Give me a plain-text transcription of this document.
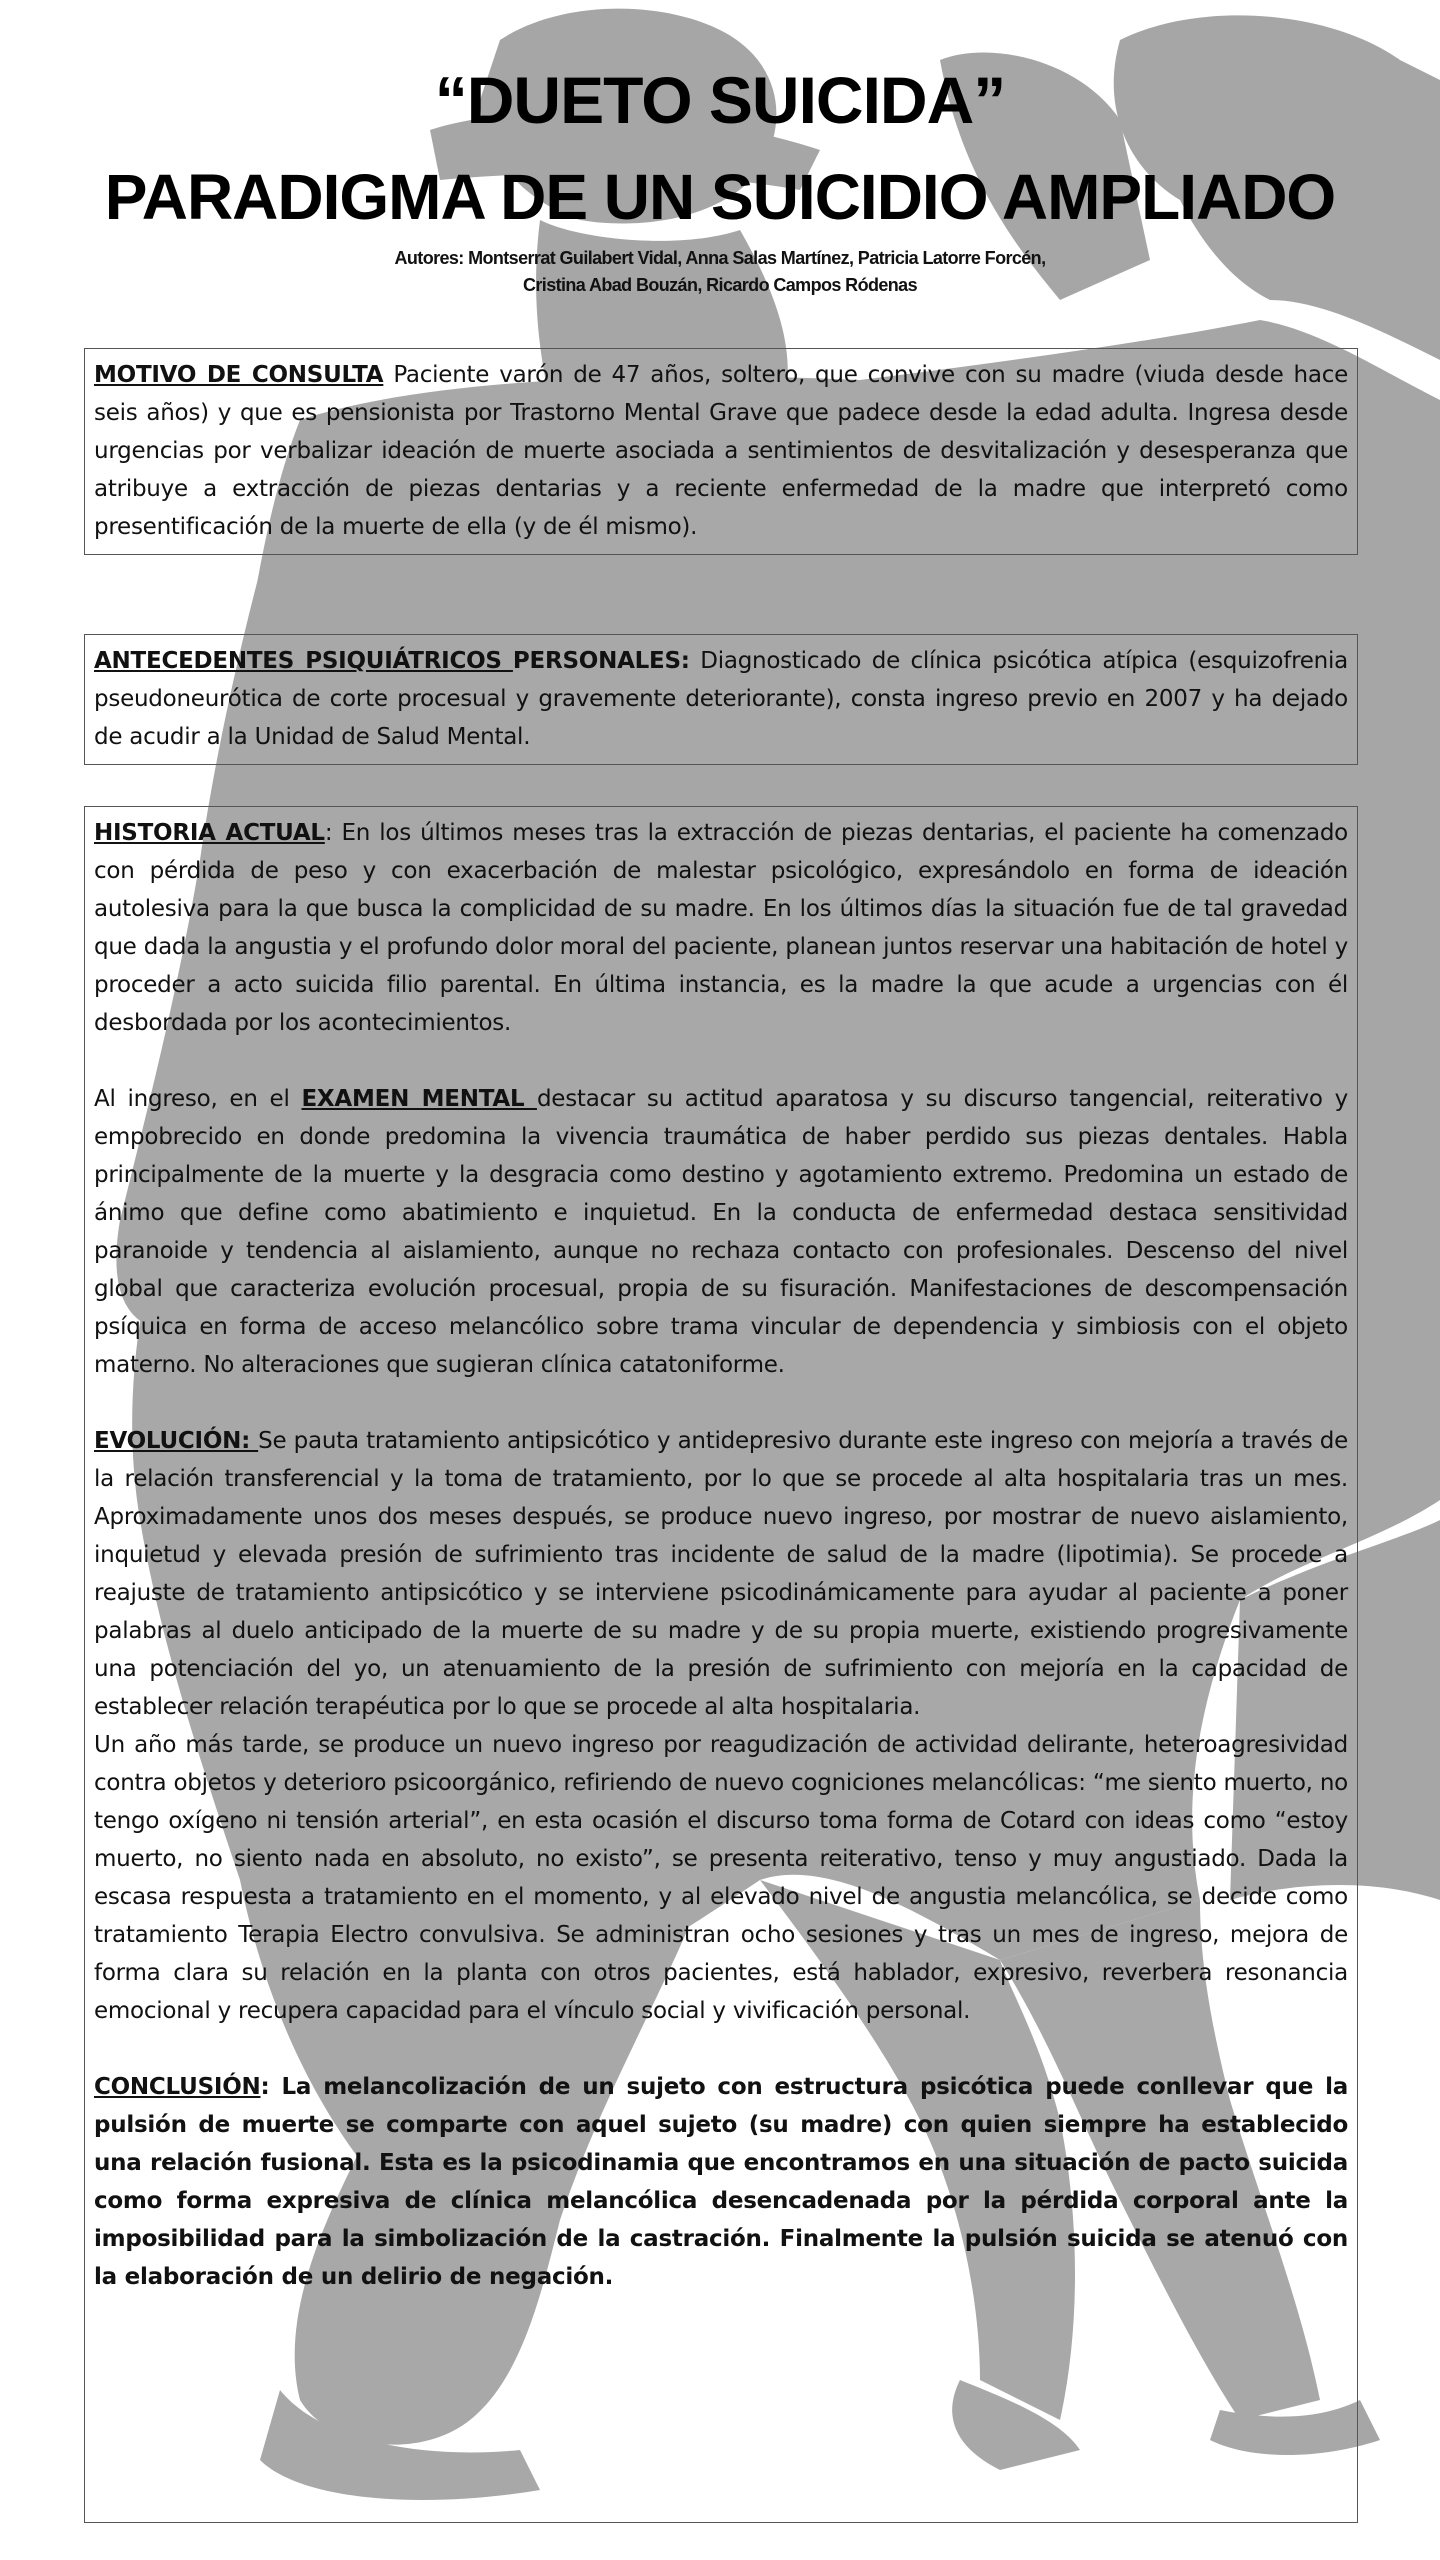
“DUETO SUICIDA”
PARADIGMA DE UN SUICIDIO AMPLIADO
Autores: Montserrat Guilabert Vidal, Anna Salas Martínez, Patricia Latorre Forcén,
Cristina Abad Bouzán, Ricardo Campos Ródenas

MOTIVO DE CONSULTA Paciente varón de 47 años, soltero, que convive con su madre (viuda desde hace seis años) y que es pensionista por Trastorno Mental Grave que padece desde la edad adulta. Ingresa desde urgencias por verbalizar ideación de muerte asociada a sentimientos de desvitalización y desesperanza que atribuye a extracción de piezas dentarias y a reciente enfermedad de la madre que interpretó como presentificación de la muerte de ella (y de él mismo).

ANTECEDENTES PSIQUIÁTRICOS PERSONALES: Diagnosticado de clínica psicótica atípica (esquizofrenia pseudoneurótica de corte procesual y gravemente deteriorante), consta ingreso previo en 2007 y ha dejado de acudir a la Unidad de Salud Mental.

HISTORIA ACTUAL: En los últimos meses tras la extracción de piezas dentarias, el paciente ha comenzado con pérdida de peso y con exacerbación de malestar psicológico, expresándolo en forma de ideación autolesiva para la que busca la complicidad de su madre. En los últimos días la situación fue de tal gravedad que dada la angustia y el profundo dolor moral del paciente, planean juntos reservar una habitación de hotel y proceder a acto suicida filio parental. En última instancia, es la madre la que acude a urgencias con él desbordada por los acontecimientos.

Al ingreso, en el EXAMEN MENTAL destacar su actitud aparatosa y su discurso tangencial, reiterativo y empobrecido en donde predomina la vivencia traumática de haber perdido sus piezas dentales. Habla principalmente de la muerte y la desgracia como destino y agotamiento extremo. Predomina un estado de ánimo que define como abatimiento e inquietud. En la conducta de enfermedad destaca sensitividad paranoide y tendencia al aislamiento, aunque no rechaza contacto con profesionales. Descenso del nivel global que caracteriza evolución procesual, propia de su fisuración. Manifestaciones de descompensación psíquica en forma de acceso melancólico sobre trama vincular de dependencia y simbiosis con el objeto materno. No alteraciones que sugieran clínica catatoniforme.

EVOLUCIÓN: Se pauta tratamiento antipsicótico y antidepresivo durante este ingreso con mejoría a través de la relación transferencial y la toma de tratamiento, por lo que se procede al alta hospitalaria tras un mes. Aproximadamente unos dos meses después, se produce nuevo ingreso, por mostrar de nuevo aislamiento, inquietud y elevada presión de sufrimiento tras incidente de salud de la madre (lipotimia). Se procede a reajuste de tratamiento antipsicótico y se interviene psicodinámicamente para ayudar al paciente a poner palabras al duelo anticipado de la muerte de su madre y de su propia muerte, existiendo progresivamente una potenciación del yo, un atenuamiento de la presión de sufrimiento con mejoría en la capacidad de establecer relación terapéutica por lo que se procede al alta hospitalaria.

Un año más tarde, se produce un nuevo ingreso por reagudización de actividad delirante, heteroagresividad contra objetos y deterioro psicoorgánico, refiriendo de nuevo cogniciones melancólicas: “me siento muerto, no tengo oxígeno ni tensión arterial”, en esta ocasión el discurso toma forma de Cotard con ideas como “estoy muerto, no siento nada en absoluto, no existo”, se presenta reiterativo, tenso y muy angustiado. Dada la escasa respuesta a tratamiento en el momento, y al elevado nivel de angustia melancólica, se decide como tratamiento Terapia Electro convulsiva. Se administran ocho sesiones y tras un mes de ingreso, mejora de forma clara su relación en la planta con otros pacientes, está hablador, expresivo, reverbera resonancia emocional y recupera capacidad para el vínculo social y vivificación personal.

CONCLUSIÓN: La melancolización de un sujeto con estructura psicótica puede conllevar que la pulsión de muerte se comparte con aquel sujeto (su madre) con quien siempre ha establecido una relación fusional. Esta es la psicodinamia que encontramos en una situación de pacto suicida como forma expresiva de clínica melancólica desencadenada por la pérdida corporal ante la imposibilidad para la simbolización de la castración. Finalmente la pulsión suicida se atenuó con la elaboración de un delirio de negación.
